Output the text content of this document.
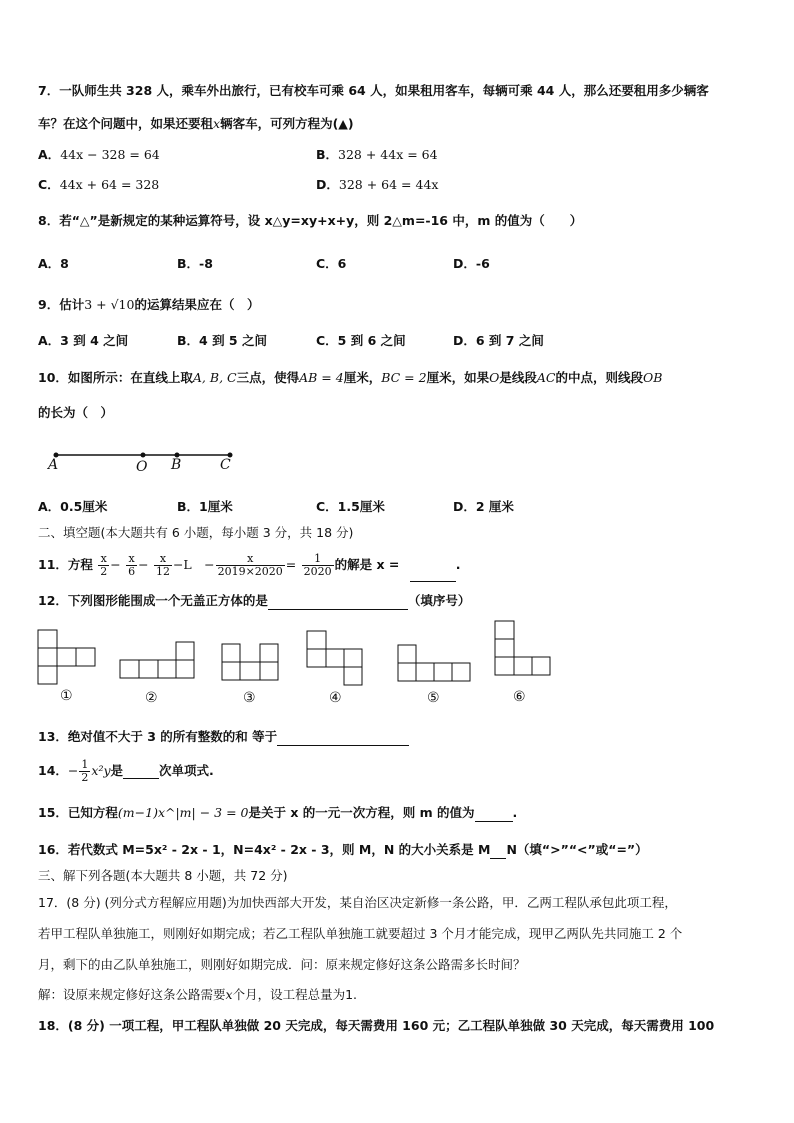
7．一队师生共 328 人，乘车外出旅行，已有校车可乘 64 人，如果租用客车，每辆可乘 44 人，那么还要租用多少辆客
车？在这个问题中，如果还要租x辆客车，可列方程为(▲)
A．44x − 328 = 64	B．328 + 44x = 64
C．44x + 64 = 328	D．328 + 64 = 44x
8．若“△”是新规定的某种运算符号，设 x△y=xy+x+y，则 2△m=-16 中，m 的值为（　　）
A．8	B．-8	C．6	D．-6
9．估计3 + √10的运算结果应在（　）
A．3 到 4 之间	B．4 到 5 之间	C．5 到 6 之间	D．6 到 7 之间
10．如图所示：在直线上取A, B, C三点，使得AB = 4厘米，BC = 2厘米，如果O是线段AC的中点，则线段OB
的长为（　）
A	O B	C
A．0.5厘米	B．1厘米	C．1.5厘米	D．2 厘米
二、填空题(本大题共有 6 小题，每小题 3 分，共 18 分)
11．方程 $\frac{x}{2} - \frac{x}{6} - \frac{x}{12} -L - \frac{x}{2019\times 2020} = \frac{1}{2020}$ 的解是 x =	.
12．下列图形能围成一个无盖正方体的是	（填序号）
①	②	③	④	⑤	⑥
13．绝对值不大于 3 的所有整数的和 等于
14．− $\frac{1}{2} x^2y$是	次单项式.
15．已知方程(m−1)x^|m| − 3 = 0是关于 x 的一元一次方程，则 m 的值为	.
16．若代数式 M=5x² - 2x - 1，N=4x² - 2x - 3，则 M，N 的大小关系是 M N（填“>”“<”或“=”）
三、解下列各题(本大题共 8 小题，共 72 分)
17．(8 分) (列分式方程解应用题)为加快西部大开发，某自治区决定新修一条公路，甲．乙两工程队承包此项工程，
若甲工程队单独施工，则刚好如期完成；若乙工程队单独施工就要超过 3 个月才能完成，现甲乙两队先共同施工 2 个
月，剩下的由乙队单独施工，则刚好如期完成．问：原来规定修好这条公路需多长时间？
解：设原来规定修好这条公路需要x个月，设工程总量为1.
18．(8 分) 一项工程，甲工程队单独做 20 天完成，每天需费用 160 元；乙工程队单独做 30 天完成，每天需费用 100
